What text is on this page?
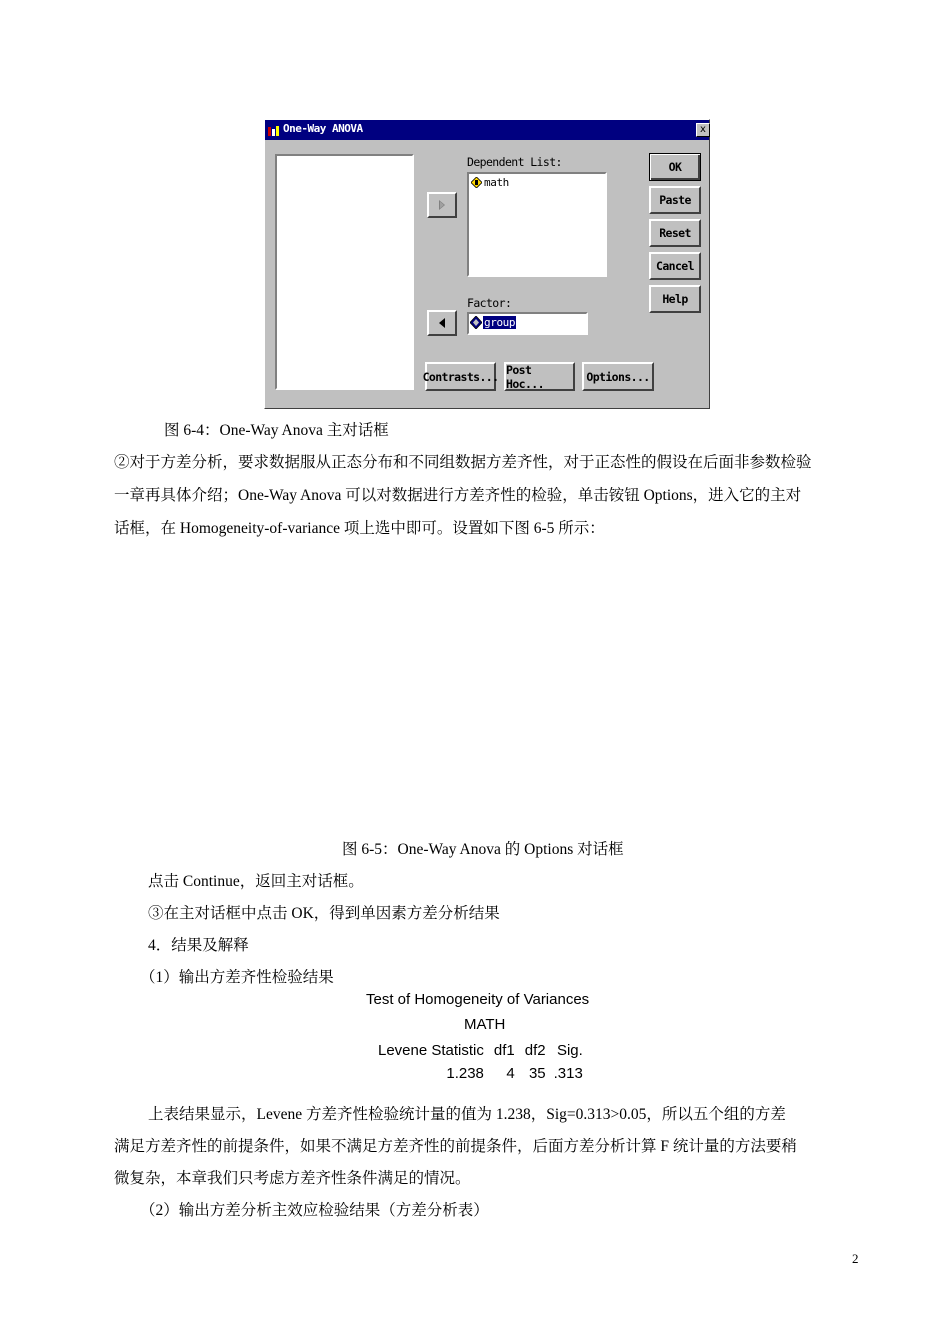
One-Way ANOVA	x
Dependent List:
math
Factor:
group
OK
Paste
Reset
Cancel
Help
Contrasts... Post Hoc...	Options...
图 6-4：One-Way Anova 主对话框
②对于方差分析，要求数据服从正态分布和不同组数据方差齐性，对于正态性的假设在后面非参数检验
一章再具体介绍；One-Way Anova 可以对数据进行方差齐性的检验，单击铵钮 Options，进入它的主对
话框，在 Homogeneity-of-variance 项上选中即可。设置如下图 6-5 所示：
图 6-5：One-Way Anova 的 Options 对话框
点击 Continue，返回主对话框。
③在主对话框中点击 OK，得到单因素方差分析结果
4．结果及解释
（1）输出方差齐性检验结果
Test of Homogeneity of Variances
MATH
Levene Statistic	df1	df2	Sig.
1.238	4	35	.313
上表结果显示，Levene 方差齐性检验统计量的值为 1.238，Sig=0.313>0.05，所以五个组的方差
满足方差齐性的前提条件，如果不满足方差齐性的前提条件，后面方差分析计算 F 统计量的方法要稍
微复杂，本章我们只考虑方差齐性条件满足的情况。
（2）输出方差分析主效应检验结果（方差分析表）
2
